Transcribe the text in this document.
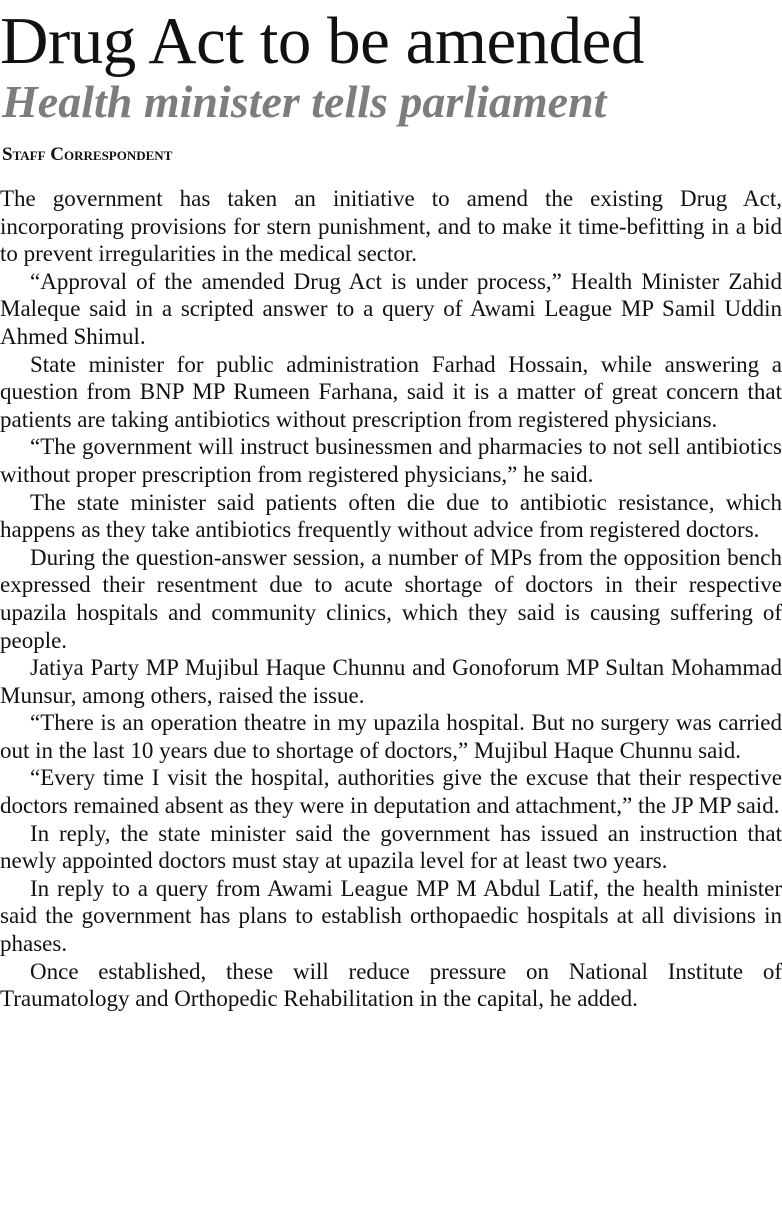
Drug Act to be amended
Health minister tells parliament
Staff Correspondent

The government has taken an initiative to amend the existing Drug Act, incorporating provisions for stern punishment, and to make it time-befitting in a bid to prevent irregularities in the medical sector.

“Approval of the amended Drug Act is under process,” Health Minister Zahid Maleque said in a scripted answer to a query of Awami League MP Samil Uddin Ahmed Shimul.

State minister for public administration Farhad Hossain, while answering a question from BNP MP Rumeen Farhana, said it is a matter of great concern that patients are taking antibiotics without prescription from registered physicians.

“The government will instruct businessmen and pharmacies to not sell antibiotics without proper prescription from registered physicians,” he said.

The state minister said patients often die due to antibiotic resistance, which happens as they take antibiotics frequently without advice from registered doctors.

During the question-answer session, a number of MPs from the opposition bench expressed their resentment due to acute shortage of doctors in their respective upazila hospitals and community clinics, which they said is causing suffering of people.

Jatiya Party MP Mujibul Haque Chunnu and Gonoforum MP Sultan Mohammad Munsur, among others, raised the issue.

“There is an operation theatre in my upazila hospital. But no surgery was carried out in the last 10 years due to shortage of doctors,” Mujibul Haque Chunnu said.

“Every time I visit the hospital, authorities give the excuse that their respective doctors remained absent as they were in deputation and attachment,” the JP MP said.

In reply, the state minister said the government has issued an instruction that newly appointed doctors must stay at upazila level for at least two years.

In reply to a query from Awami League MP M Abdul Latif, the health minister said the government has plans to establish orthopaedic hospitals at all divisions in phases.

Once established, these will reduce pressure on National Institute of Traumatology and Orthopedic Rehabilitation in the capital, he added.
